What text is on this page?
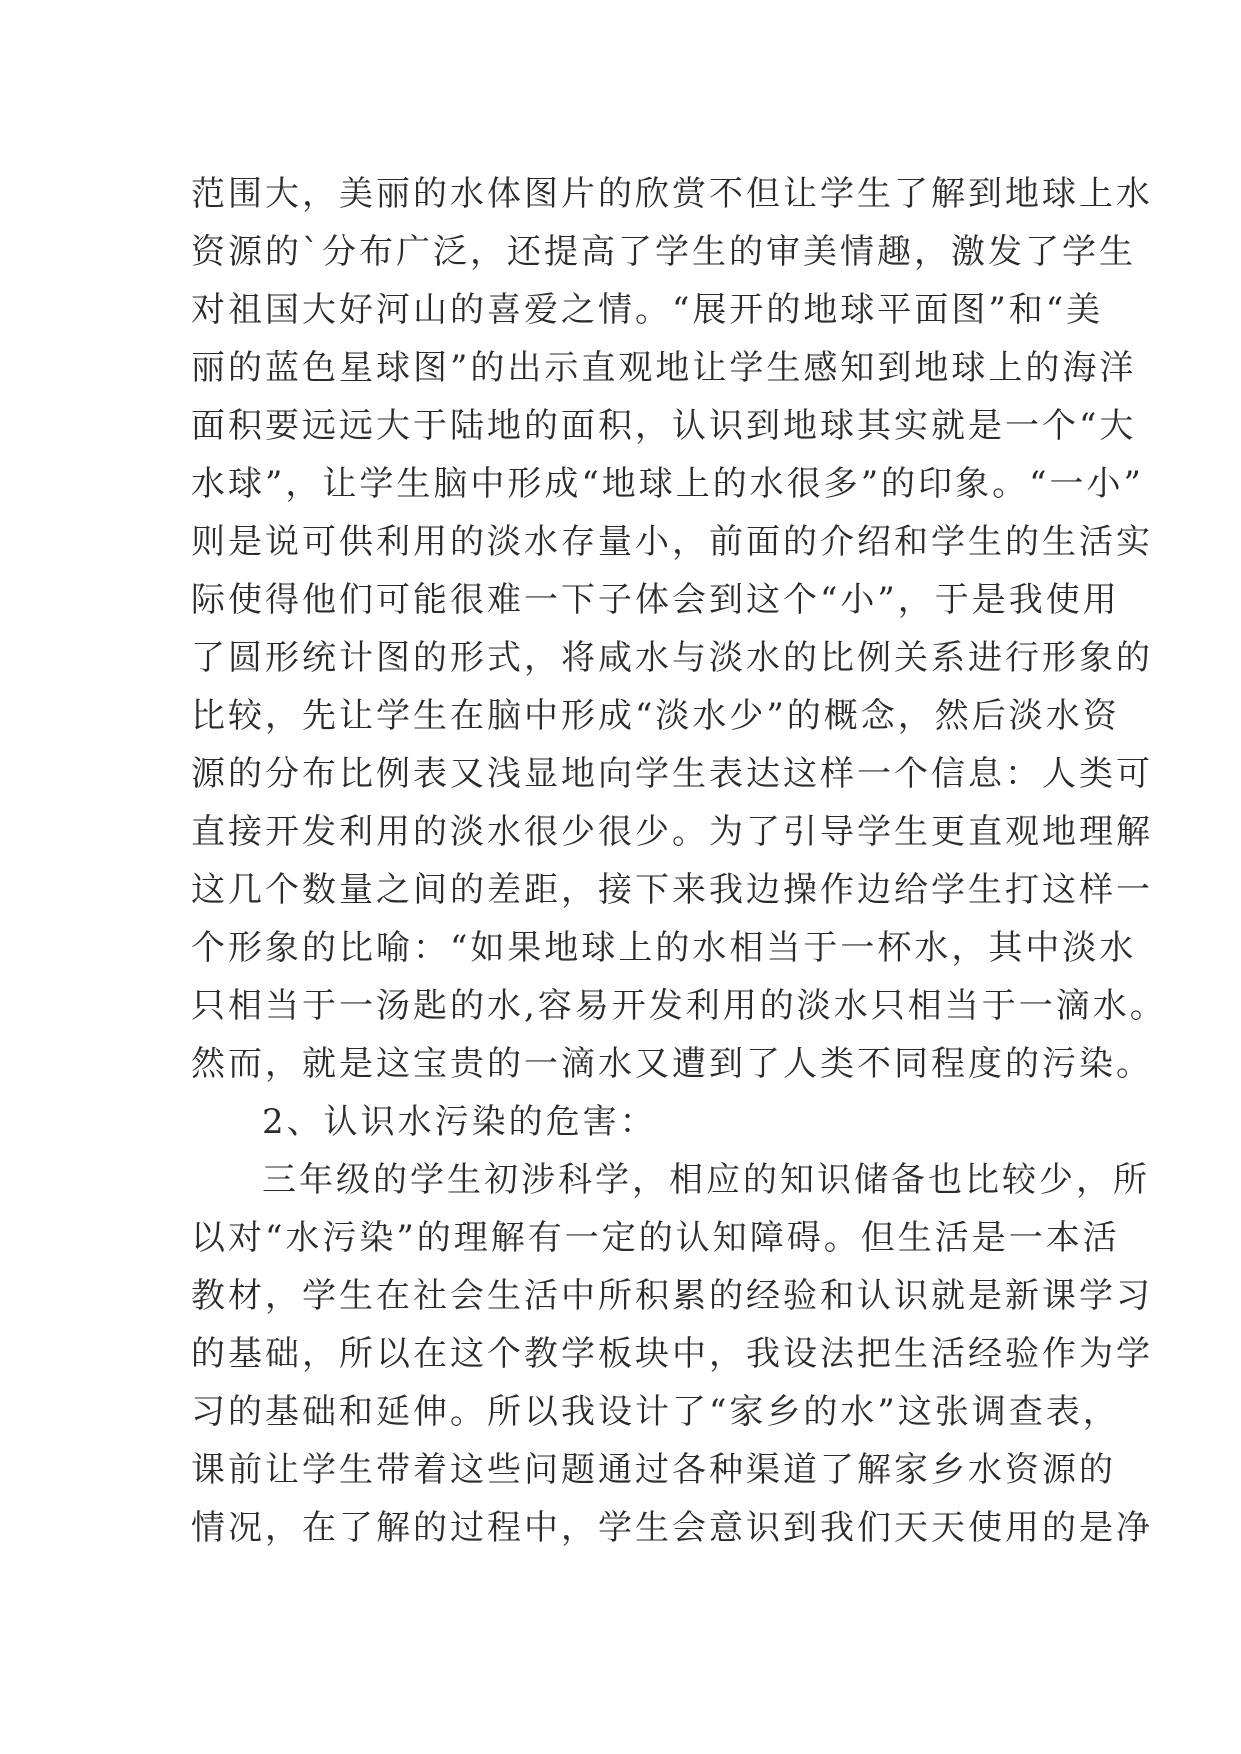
范围大，美丽的水体图片的欣赏不但让学生了解到地球上水
资源的`分布广泛，还提高了学生的审美情趣，激发了学生
对祖国大好河山的喜爱之情。“展开的地球平面图”和“美
丽的蓝色星球图”的出示直观地让学生感知到地球上的海洋
面积要远远大于陆地的面积，认识到地球其实就是一个“大
水球”，让学生脑中形成“地球上的水很多”的印象。“一小”
则是说可供利用的淡水存量小，前面的介绍和学生的生活实
际使得他们可能很难一下子体会到这个“小”，于是我使用
了圆形统计图的形式，将咸水与淡水的比例关系进行形象的
比较，先让学生在脑中形成“淡水少”的概念，然后淡水资
源的分布比例表又浅显地向学生表达这样一个信息：人类可
直接开发利用的淡水很少很少。为了引导学生更直观地理解
这几个数量之间的差距，接下来我边操作边给学生打这样一
个形象的比喻：“如果地球上的水相当于一杯水，其中淡水
只相当于一汤匙的水,容易开发利用的淡水只相当于一滴水。
然而，就是这宝贵的一滴水又遭到了人类不同程度的污染。
2、认识水污染的危害：
三年级的学生初涉科学，相应的知识储备也比较少，所
以对“水污染”的理解有一定的认知障碍。但生活是一本活
教材，学生在社会生活中所积累的经验和认识就是新课学习
的基础，所以在这个教学板块中，我设法把生活经验作为学
习的基础和延伸。所以我设计了“家乡的水”这张调查表，
课前让学生带着这些问题通过各种渠道了解家乡水资源的
情况，在了解的过程中，学生会意识到我们天天使用的是净
